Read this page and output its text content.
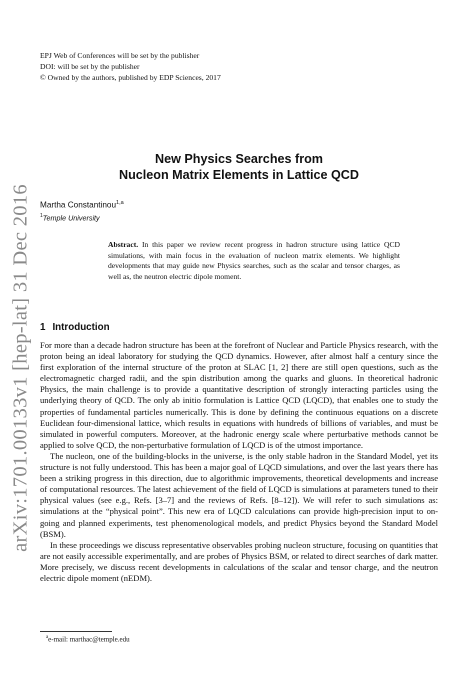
EPJ Web of Conferences will be set by the publisher
DOI: will be set by the publisher
© Owned by the authors, published by EDP Sciences, 2017
arXiv:1701.00133v1 [hep-lat] 31 Dec 2016
New Physics Searches from
Nucleon Matrix Elements in Lattice QCD
Martha Constantinou$^{1,a}$
$^1$Temple University
Abstract. In this paper we review recent progress in hadron structure using lattice QCD simulations, with main focus in the evaluation of nucleon matrix elements. We highlight developments that may guide new Physics searches, such as the scalar and tensor charges, as well as, the neutron electric dipole moment.
1 Introduction

For more than a decade hadron structure has been at the forefront of Nuclear and Particle Physics research, with the proton being an ideal laboratory for studying the QCD dynamics. However, after almost half a century since the first exploration of the internal structure of the proton at SLAC [1, 2] there are still open questions, such as the electromagnetic charged radii, and the spin distribution among the quarks and gluons. In theoretical hadronic Physics, the main challenge is to provide a quantitative description of strongly interacting particles using the underlying theory of QCD. The only ab initio formulation is Lattice QCD (LQCD), that enables one to study the properties of fundamental particles numerically. This is done by defining the continuous equations on a discrete Euclidean four-dimensional lattice, which results in equations with hundreds of billions of variables, and must be simulated in powerful computers. Moreover, at the hadronic energy scale where perturbative methods cannot be applied to solve QCD, the non-perturbative formulation of LQCD is of the utmost importance.

The nucleon, one of the building-blocks in the universe, is the only stable hadron in the Standard Model, yet its structure is not fully understood. This has been a major goal of LQCD simulations, and over the last years there has been a striking progress in this direction, due to algorithmic improvements, theoretical developments and increase of computational resources. The latest achievement of the field of LQCD is simulations at parameters tuned to their physical values (see e.g., Refs. [3–7] and the reviews of Refs. [8–12]). We will refer to such simulations as: simulations at the “physical point”. This new era of LQCD calculations can provide high-precision input to on-going and planned experiments, test phenomenological models, and predict Physics beyond the Standard Model (BSM).

In these proceedings we discuss representative observables probing nucleon structure, focusing on quantities that are not easily accessible experimentally, and are probes of Physics BSM, or related to direct searches of dark matter. More precisely, we discuss recent developments in calculations of the scalar and tensor charge, and the neutron electric dipole moment (nEDM).

$^a$e-mail: marthac@temple.edu
